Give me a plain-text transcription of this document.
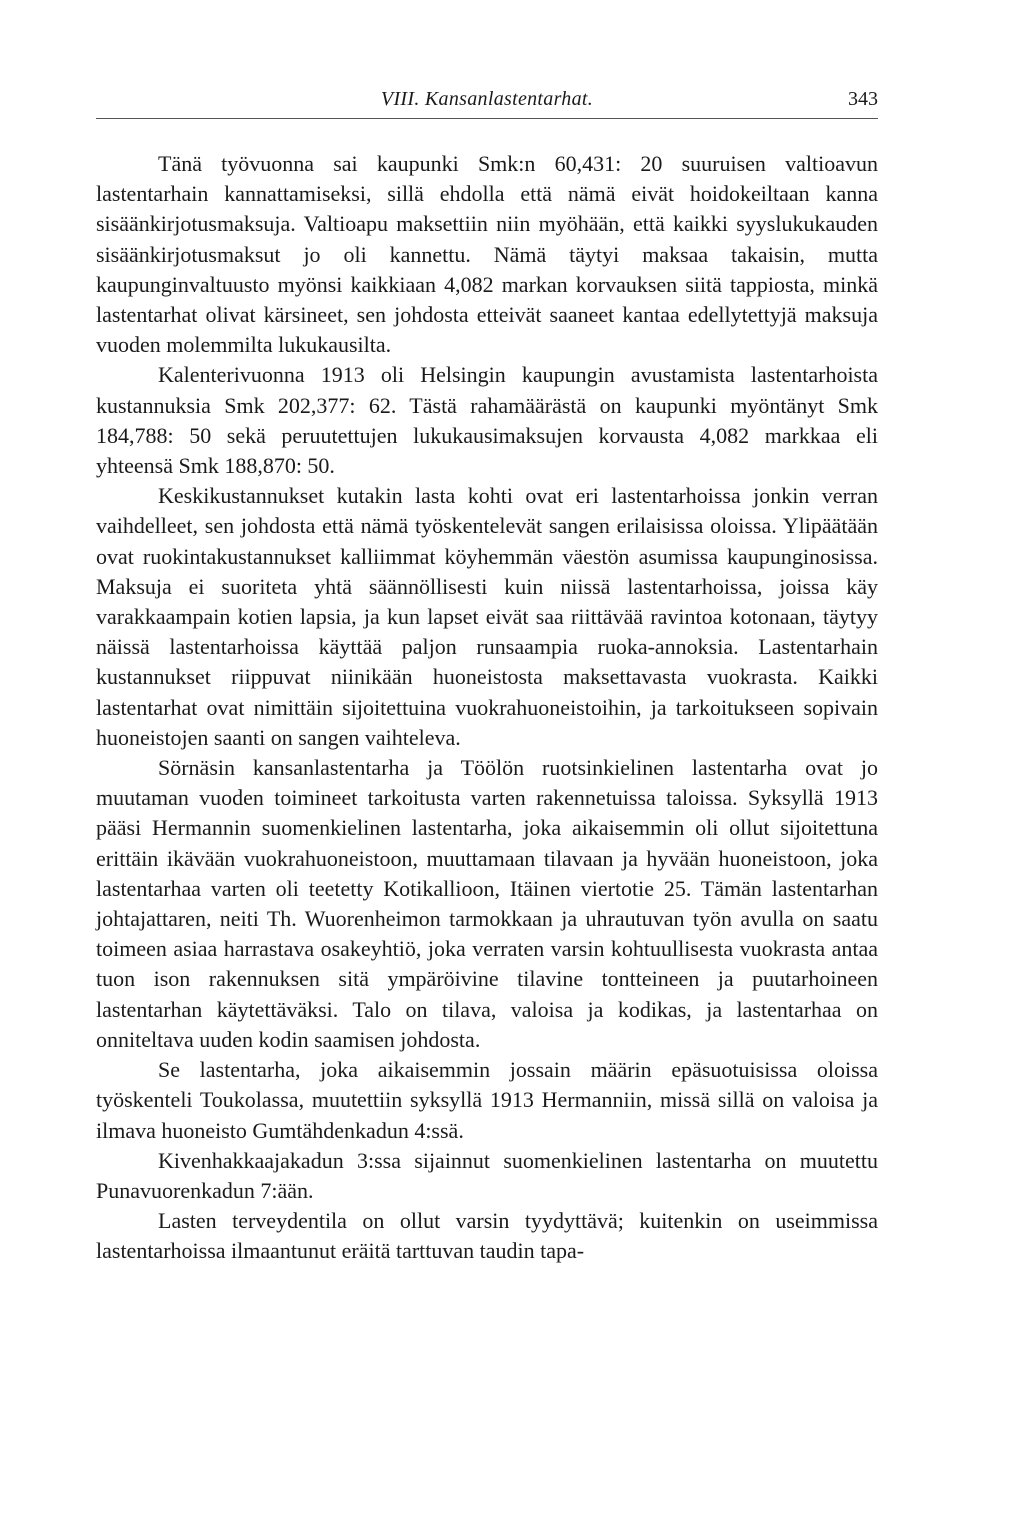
VIII. Kansanlastentarhat.	343

Tänä työvuonna sai kaupunki Smk:n 60,431: 20 suuruisen valtioavun lastentarhain kannattamiseksi, sillä ehdolla että nämä eivät hoidokeiltaan kanna sisäänkirjotusmaksuja. Valtioapu maksettiin niin myöhään, että kaikki syyslukukauden sisäänkirjotusmaksut jo oli kannettu. Nämä täytyi maksaa takaisin, mutta kaupunginvaltuusto myönsi kaikkiaan 4,082 markan korvauksen siitä tappiosta, minkä lastentarhat olivat kärsineet, sen johdosta etteivät saaneet kantaa edellytettyjä maksuja vuoden molemmilta lukukausilta.

Kalenterivuonna 1913 oli Helsingin kaupungin avustamista lastentarhoista kustannuksia Smk 202,377: 62. Tästä rahamäärästä on kaupunki myöntänyt Smk 184,788: 50 sekä peruutettujen lukukausimaksujen korvausta 4,082 markkaa eli yhteensä Smk 188,870: 50.

Keskikustannukset kutakin lasta kohti ovat eri lastentarhoissa jonkin verran vaihdelleet, sen johdosta että nämä työskentelevät sangen erilaisissa oloissa. Ylipäätään ovat ruokintakustannukset kalliimmat köyhemmän väestön asumissa kaupunginosissa. Maksuja ei suoriteta yhtä säännöllisesti kuin niissä lastentarhoissa, joissa käy varakkaampain kotien lapsia, ja kun lapset eivät saa riittävää ravintoa kotonaan, täytyy näissä lastentarhoissa käyttää paljon runsaampia ruoka-annoksia. Lastentarhain kustannukset riippuvat niinikään huoneistosta maksettavasta vuokrasta. Kaikki lastentarhat ovat nimittäin sijoitettuina vuokrahuoneistoihin, ja tarkoitukseen sopivain huoneistojen saanti on sangen vaihteleva.

Sörnäsin kansanlastentarha ja Töölön ruotsinkielinen lastentarha ovat jo muutaman vuoden toimineet tarkoitusta varten rakennetuissa taloissa. Syksyllä 1913 pääsi Hermannin suomenkielinen lastentarha, joka aikaisemmin oli ollut sijoitettuna erittäin ikävään vuokrahuoneistoon, muuttamaan tilavaan ja hyvään huoneistoon, joka lastentarhaa varten oli teetetty Kotikallioon, Itäinen viertotie 25. Tämän lastentarhan johtajattaren, neiti Th. Wuorenheimon tarmokkaan ja uhrautuvan työn avulla on saatu toimeen asiaa harrastava osakeyhtiö, joka verraten varsin kohtuullisesta vuokrasta antaa tuon ison rakennuksen sitä ympäröivine tilavine tontteineen ja puutarhoineen lastentarhan käytettäväksi. Talo on tilava, valoisa ja kodikas, ja lastentarhaa on onniteltava uuden kodin saamisen johdosta.

Se lastentarha, joka aikaisemmin jossain määrin epäsuotuisissa oloissa työskenteli Toukolassa, muutettiin syksyllä 1913 Hermanniin, missä sillä on valoisa ja ilmava huoneisto Gumtähdenkadun 4:ssä.

Kivenhakkaajakadun 3:ssa sijainnut suomenkielinen lastentarha on muutettu Punavuorenkadun 7:ään.

Lasten terveydentila on ollut varsin tyydyttävä; kuitenkin on useimmissa lastentarhoissa ilmaantunut eräitä tarttuvan taudin tapa-
